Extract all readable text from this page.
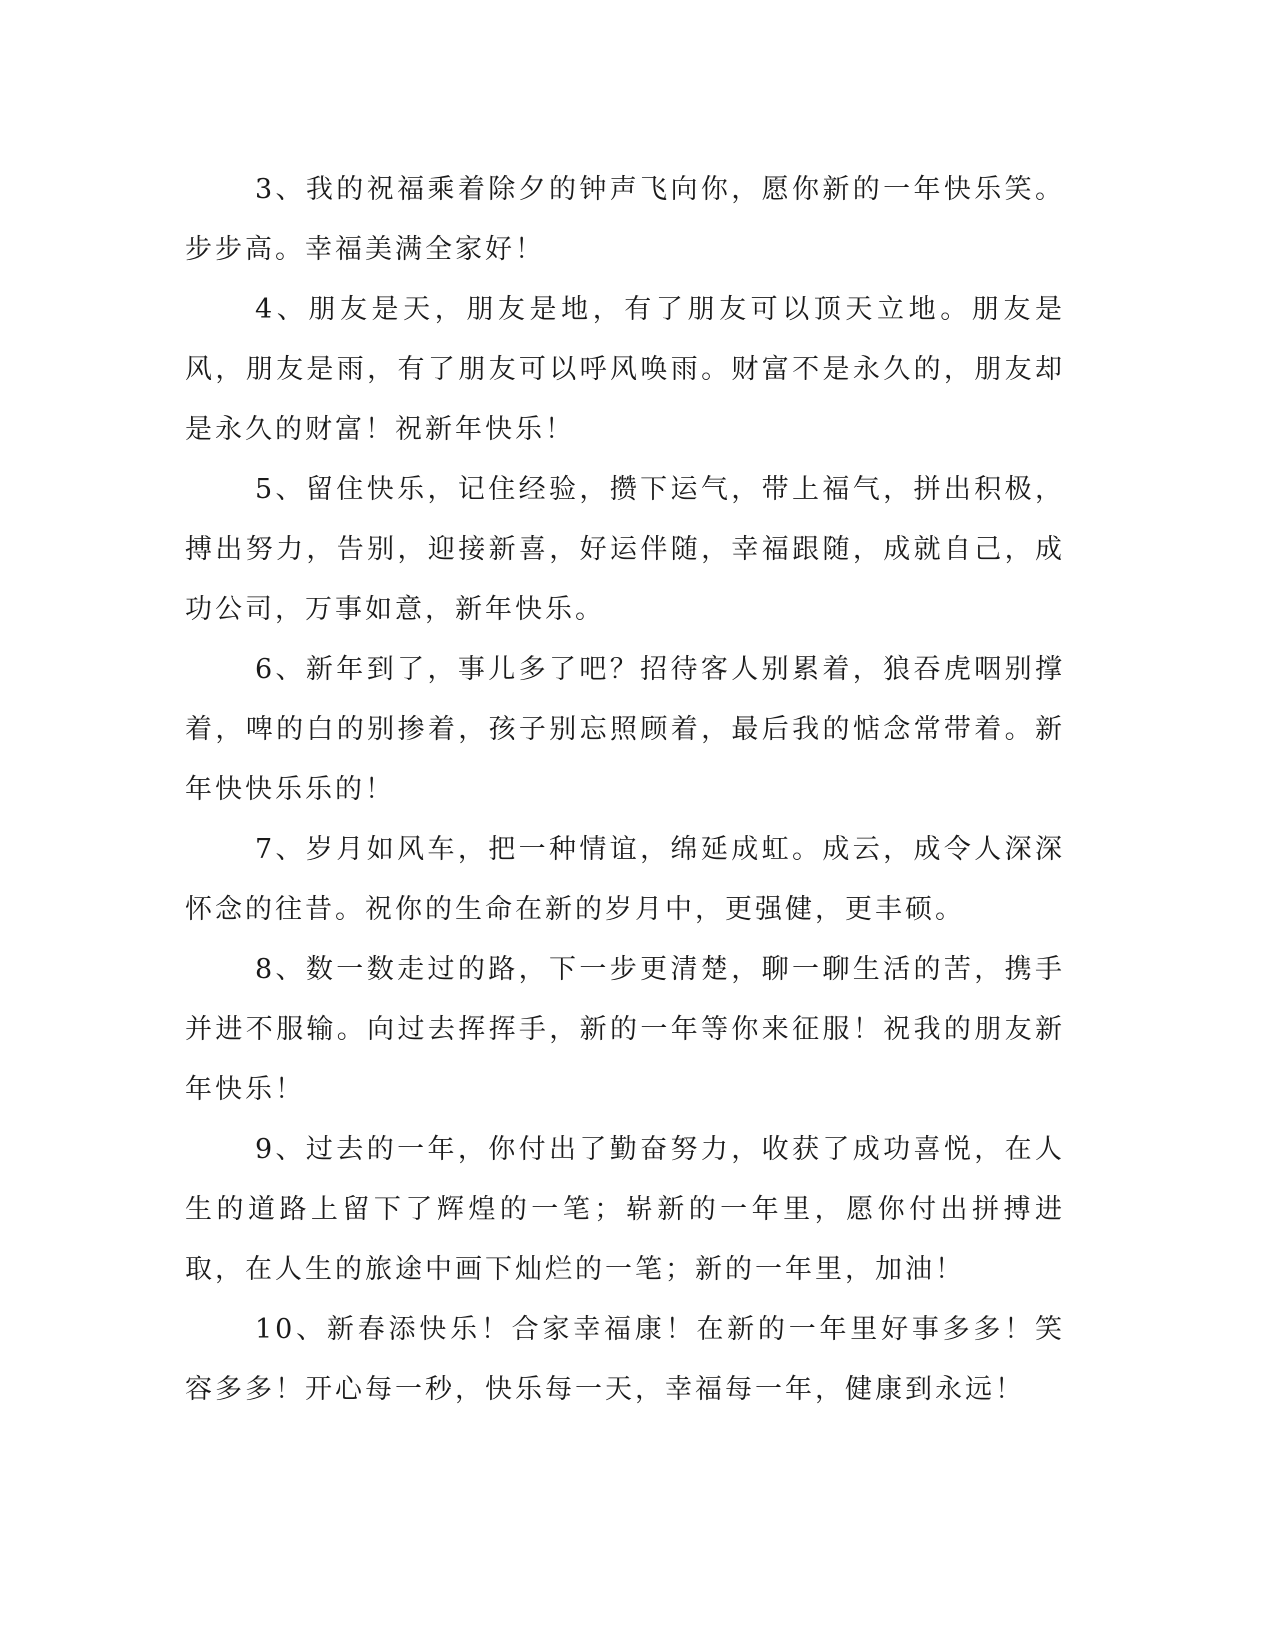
3、我的祝福乘着除夕的钟声飞向你，愿你新的一年快乐笑。步步高。幸福美满全家好！

4、朋友是天，朋友是地，有了朋友可以顶天立地。朋友是风，朋友是雨，有了朋友可以呼风唤雨。财富不是永久的，朋友却是永久的财富！祝新年快乐！

5、留住快乐，记住经验，攒下运气，带上福气，拼出积极，搏出努力，告别，迎接新喜，好运伴随，幸福跟随，成就自己，成功公司，万事如意，新年快乐。

6、新年到了，事儿多了吧？招待客人别累着，狼吞虎咽别撑着，啤的白的别掺着，孩子别忘照顾着，最后我的惦念常带着。新年快快乐乐的！

7、岁月如风车，把一种情谊，绵延成虹。成云，成令人深深怀念的往昔。祝你的生命在新的岁月中，更强健，更丰硕。

8、数一数走过的路，下一步更清楚，聊一聊生活的苦，携手并进不服输。向过去挥挥手，新的一年等你来征服！祝我的朋友新年快乐！

9、过去的一年，你付出了勤奋努力，收获了成功喜悦，在人生的道路上留下了辉煌的一笔；崭新的一年里，愿你付出拼搏进取，在人生的旅途中画下灿烂的一笔；新的一年里，加油！

10、新春添快乐！合家幸福康！在新的一年里好事多多！笑容多多！开心每一秒，快乐每一天，幸福每一年，健康到永远！
